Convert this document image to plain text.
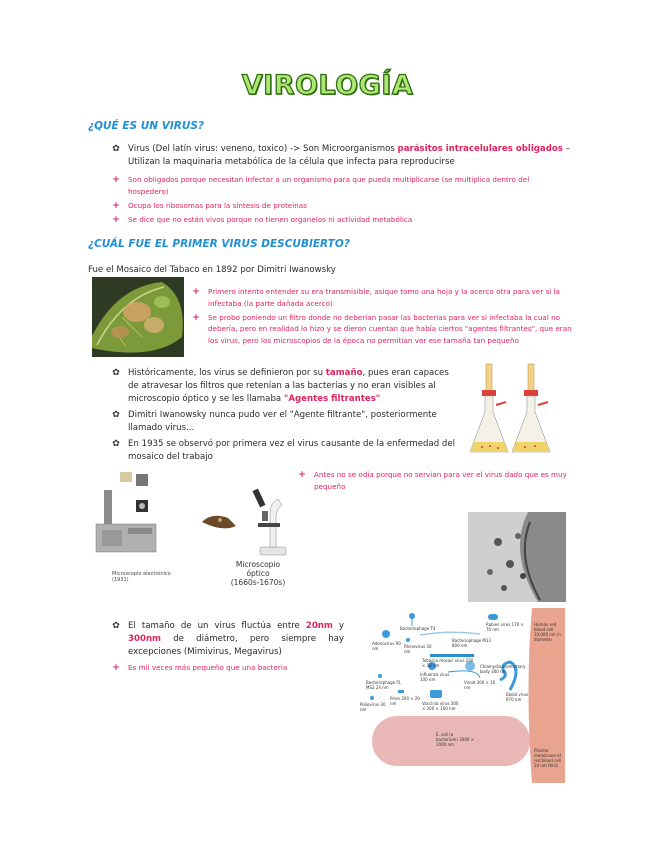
VIROLOGÍA
¿QUÉ ES UN VIRUS?
✿ Virus (Del latín virus: veneno, toxico) -> Son Microorganismos parásitos intracelulares obligados – Utilizan la maquinaria metabólica de la célula que infecta para reproducirse
+	Son obligados porque necesitan infectar a un organismo para que pueda multiplicarse (se multiplica dentro del hospedero)
+	Ocupa los ribosomas para la síntesis de proteínas
+	Se dice que no están vivos porque no tienen organelos ni actividad metabólica
¿CUÁL FUE EL PRIMER VIRUS DESCUBIERTO?
Fue el Mosaico del Tabaco en 1892 por Dimitri Iwanowsky
+	Primero intento entender su era transmisible, asique tomo una hoja y la acerco otra para ver si la infectaba (la parte dañada acerco)
+	Se probo poniendo un filtro donde no deberían pasar las bacterias para ver si infectaba la cual no debería, pero en realidad lo hizo y se dieron cuentan que había ciertos "agentes filtrantes", que eran los virus, pero los microscopios de la época no permitian ver ese tamaña tan pequeño
✿ Históricamente, los virus se definieron por su tamaño, pues eran capaces de atravesar los filtros que retenían a las bacterias y no eran visibles al microscopio óptico y se les llamaba "Agentes filtrantes"
✿ Dimitri Iwanowsky nunca pudo ver el "Agente filtrante", posteriormente llamado virus...
✿ En 1935 se observó por primera vez el virus causante de la enfermedad del mosaico del trabajo
+	Antes no se odia porque no servian para ver el virus dado que es muy pequeño
Microscopio electrónico (1931)
Microscopio
óptico
(1660s-1670s)
✿ El tamaño de un virus fluctúa entre 20nm y 300nm de diámetro, pero siempre hay excepciones (Mimivirus, Megavirus)
+	Es mil veces más pequeño que una bacteria
Bacteriophage T4
Rabies virus 170 × 70 nm
Human red blood cell 10,000 nm in diameter
Adenovirus 90 nm	Rhinovirus 30 nm
Bacteriophage M13 800 nm
Tobacco mosaic virus 250 × 18 nm	Chlamydia elementary body 300 nm
Bacteriophage f2, MS2 24 nm
Influenza virus 100 nm
Viroid 300 × 10 nm
Prion 200 × 20 nm
Poliovirus 30 nm
Vaccinia virus 300 × 200 × 100 nm
Ebola virus 970 nm
E. coli (a bacterium) 3000 × 1000 nm
Plasma membrane of red blood cell 10 nm thick
